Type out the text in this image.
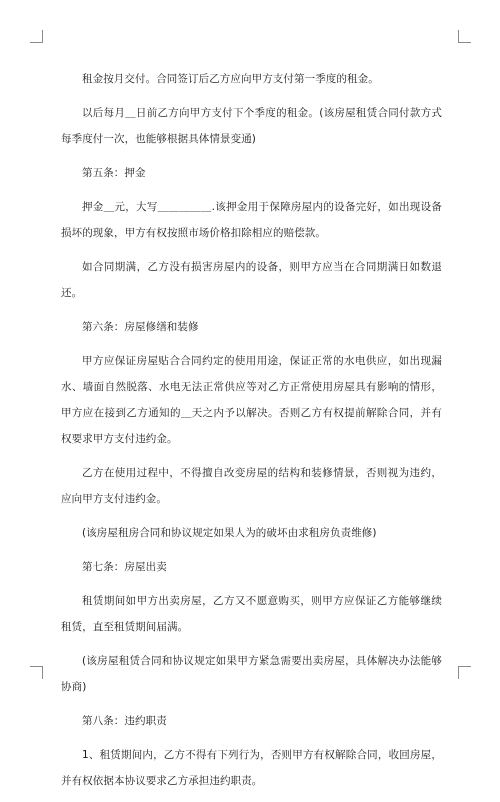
租金按月交付。合同签订后乙方应向甲方支付第一季度的租金。

以后每月＿日前乙方向甲方支付下个季度的租金。(该房屋租赁合同付款方式每季度付一次，也能够根据具体情景变通)

第五条：押金

押金＿元，大写＿＿＿＿＿.该押金用于保障房屋内的设备完好，如出现设备损坏的现象，甲方有权按照市场价格扣除相应的赔偿款。

如合同期满，乙方没有损害房屋内的设备，则甲方应当在合同期满日如数退还。

第六条：房屋修缮和装修

甲方应保证房屋贴合合同约定的使用用途，保证正常的水电供应，如出现漏水、墙面自然脱落、水电无法正常供应等对乙方正常使用房屋具有影响的情形，甲方应在接到乙方通知的＿天之内予以解决。否则乙方有权提前解除合同，并有权要求甲方支付违约金。

乙方在使用过程中，不得擅自改变房屋的结构和装修情景，否则视为违约，应向甲方支付违约金。

(该房屋租房合同和协议规定如果人为的破坏由求租房负责维修)

第七条：房屋出卖

租赁期间如甲方出卖房屋，乙方又不愿意购买，则甲方应保证乙方能够继续租赁，直至租赁期间届满。

(该房屋租赁合同和协议规定如果甲方紧急需要出卖房屋，具体解决办法能够协商)

第八条：违约职责

1、租赁期间内，乙方不得有下列行为，否则甲方有权解除合同，收回房屋，并有权依据本协议要求乙方承担违约职责。
